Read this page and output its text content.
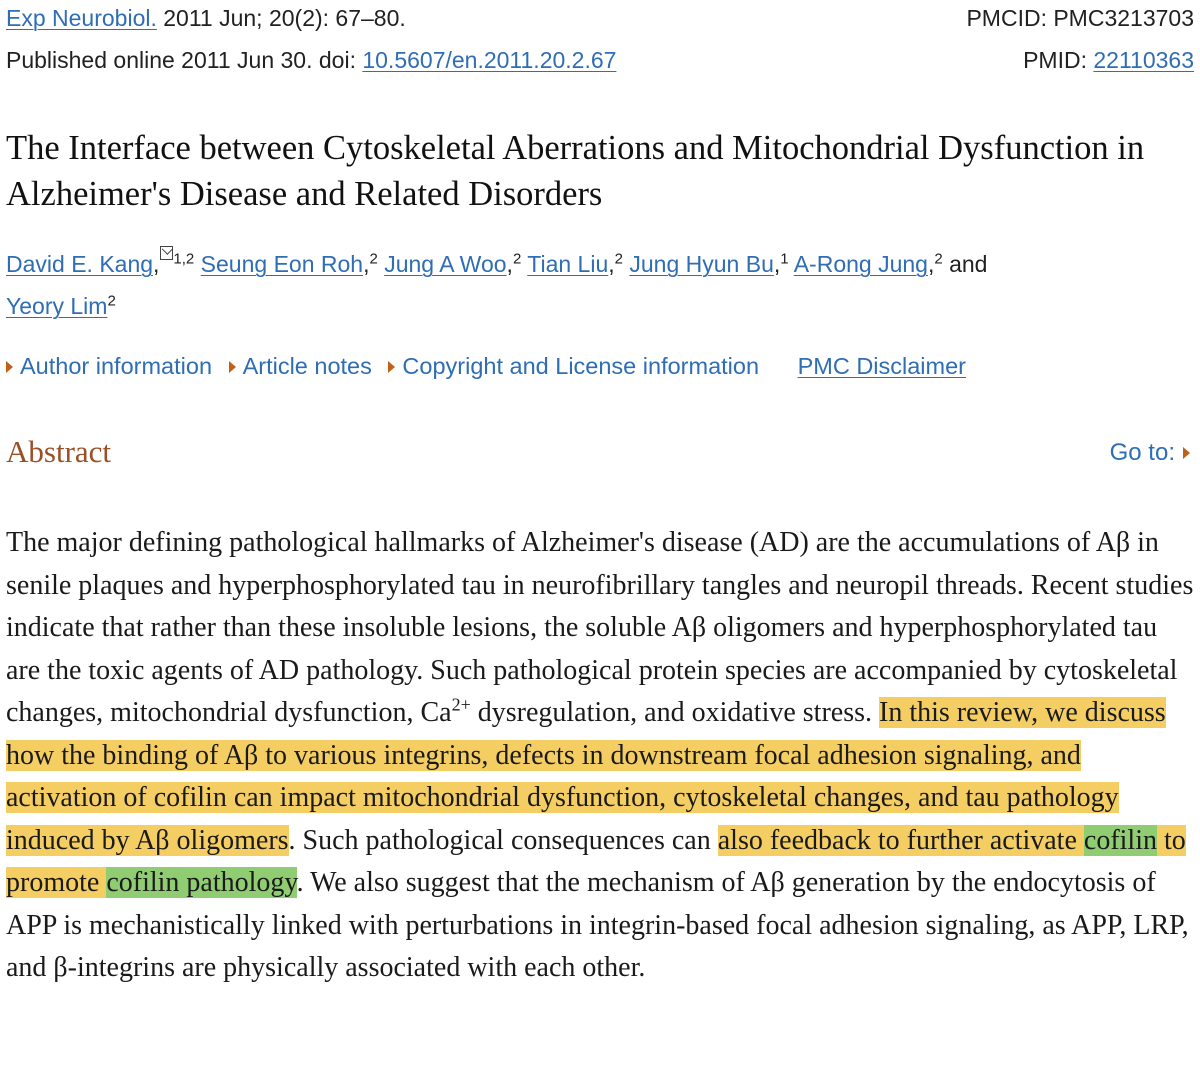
Exp Neurobiol. 2011 Jun; 20(2): 67–80.
Published online 2011 Jun 30. doi: 10.5607/en.2011.20.2.67
PMCID: PMC3213703
PMID: 22110363
The Interface between Cytoskeletal Aberrations and Mitochondrial Dysfunction in Alzheimer's Disease and Related Disorders
David E. Kang, $^{1,2}$ Seung Eon Roh,$^2$ Jung A Woo,$^2$ Tian Liu,$^2$ Jung Hyun Bu,$^1$ A-Rong Jung,$^2$ and
Yeory Lim$^2$
Author information Article notes Copyright and License information PMC Disclaimer
Abstract	Go to:

The major defining pathological hallmarks of Alzheimer's disease (AD) are the accumulations of Aβ in senile plaques and hyperphosphorylated tau in neurofibrillary tangles and neuropil threads. Recent studies indicate that rather than these insoluble lesions, the soluble Aβ oligomers and hyperphosphorylated tau are the toxic agents of AD pathology. Such pathological protein species are accompanied by cytoskeletal changes, mitochondrial dysfunction, $Ca^{2+}$ dysregulation, and oxidative stress. In this review, we discuss how the binding of Aβ to various integrins, defects in downstream focal adhesion signaling, and activation of cofilin can impact mitochondrial dysfunction, cytoskeletal changes, and tau pathology induced by Aβ oligomers. Such pathological consequences can also feedback to further activate cofilin to promote cofilin pathology. We also suggest that the mechanism of Aβ generation by the endocytosis of APP is mechanistically linked with perturbations in integrin-based focal adhesion signaling, as APP, LRP, and β-integrins are physically associated with each other.
